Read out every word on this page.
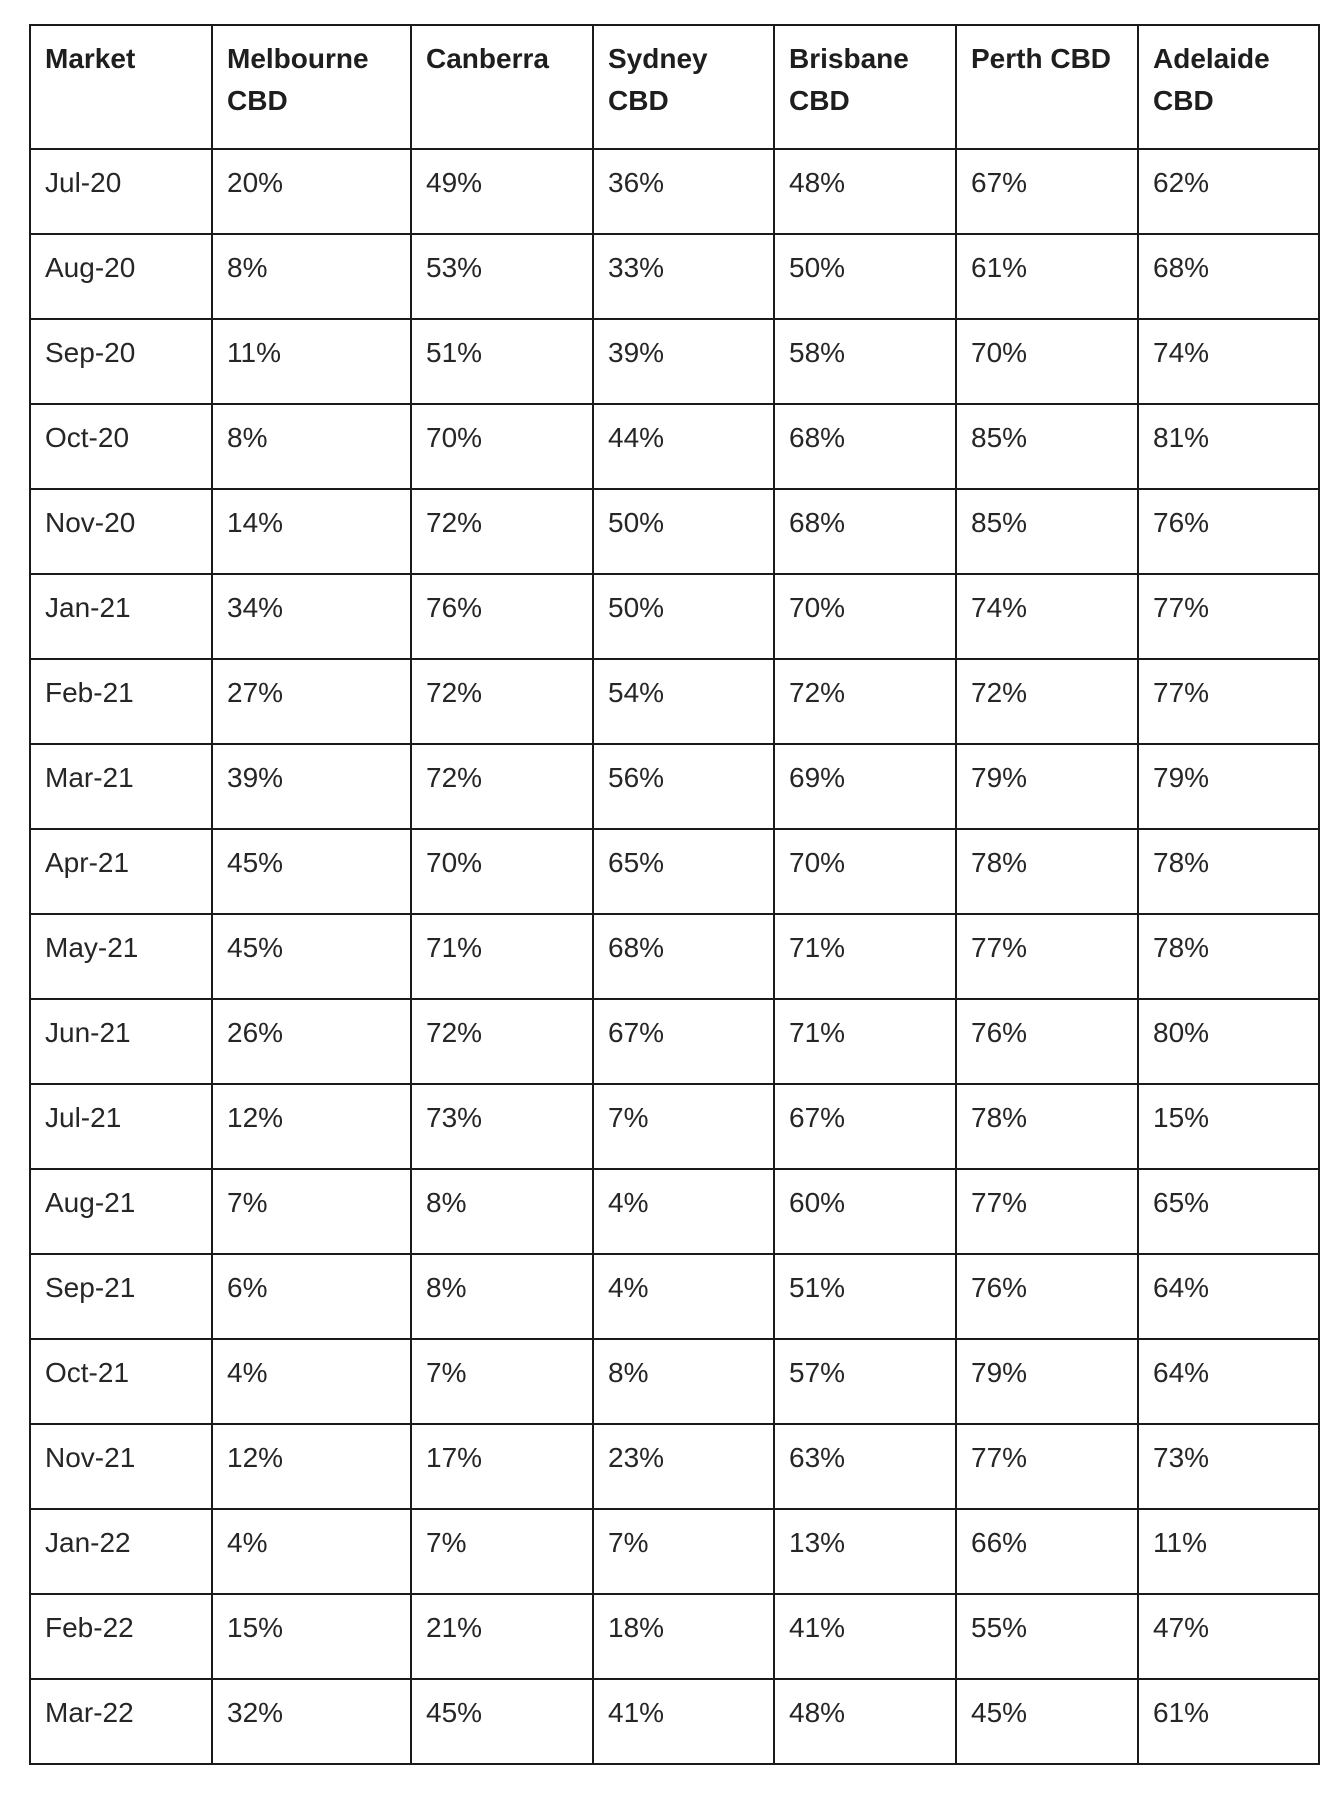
Market	Melbourne CBD	Canberra	Sydney CBD	Brisbane CBD	Perth CBD	Adelaide CBD
Jul-20	20%	49%	36%	48%	67%	62%
Aug-20	8%	53%	33%	50%	61%	68%
Sep-20	11%	51%	39%	58%	70%	74%
Oct-20	8%	70%	44%	68%	85%	81%
Nov-20	14%	72%	50%	68%	85%	76%
Jan-21	34%	76%	50%	70%	74%	77%
Feb-21	27%	72%	54%	72%	72%	77%
Mar-21	39%	72%	56%	69%	79%	79%
Apr-21	45%	70%	65%	70%	78%	78%
May-21	45%	71%	68%	71%	77%	78%
Jun-21	26%	72%	67%	71%	76%	80%
Jul-21	12%	73%	7%	67%	78%	15%
Aug-21	7%	8%	4%	60%	77%	65%
Sep-21	6%	8%	4%	51%	76%	64%
Oct-21	4%	7%	8%	57%	79%	64%
Nov-21	12%	17%	23%	63%	77%	73%
Jan-22	4%	7%	7%	13%	66%	11%
Feb-22	15%	21%	18%	41%	55%	47%
Mar-22	32%	45%	41%	48%	45%	61%
